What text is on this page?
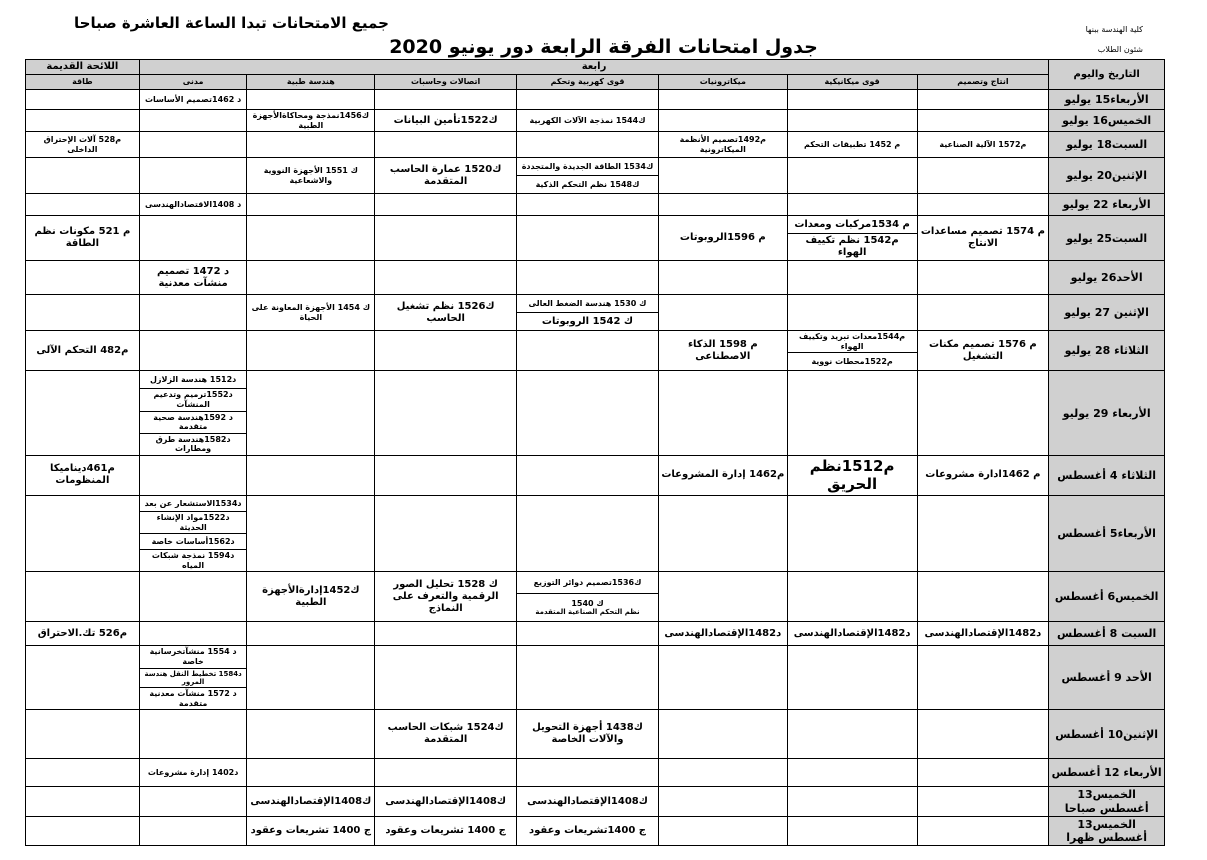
جميع الامتحانات تبدا الساعة العاشرة صباحا
جدول امتحانات الفرقة الرابعة دور يونيو 2020
كلية الهندسة ببنها
شئون الطلاب
التاريخ واليوم	رابعة							اللائحة القديمة
	انتاج وتصميم	قوى ميكانيكية	ميكاترونيات	قوى كهربية وتحكم	اتصالات وحاسبات	هندسة طبية	مدنى	طاقة
الأربعاء15 يوليو							د 1462تصميم الأساسات	
الخميس16 يوليو				ك1544 نمذجة الآلات الكهربية	ك1522تأمين البيانات	ك1456نمذجة ومحاكاةالأجهزة الطبية		
السبت18 يوليو	م1572 الآلية الصناعية	م 1452 تطبيقات التحكم	م1492تصميم الأنظمة الميكاترونية					م528 آلات الإحتراق الداخلى
الإثنين20 يوليو				ك1534 الطاقة الجديدة والمتجددة	ك1520 عمارة الحاسب المتقدمة	ك 1551 الأجهزة النووية والاشعاعية		
				ك1548 نظم التحكم الذكية				
الأربعاء 22 يوليو							د 1408الاقتصادالهندسى	
السبت25 يوليو	م 1574 تصميم مساعدات الانتاج	م 1534مركبات ومعدات	م 1596الروبوتات					م 521 مكونات نظم الطاقة
		م1542 نظم تكييف الهواء						
الأحد26 يوليو							د 1472 تصميم منشآت معدنية	
الإثنين 27 يوليو				ك 1530 هندسة الضغط العالى	ك1526 نظم تشغيل الحاسب	ك 1454 الأجهزة المعاونة على الحياة		
				ك 1542 الروبوتات				
الثلاثاء 28 يوليو	م 1576 تصميم مكنات التشغيل	م1544معدات تبريد وتكييف الهواء	م 1598 الذكاء الاصطناعى					م482 التحكم الآلى
		م1522محطات نووية						
الأربعاء 29 يوليو							د1512 هندسة الزلازل	
							د1552ترميم وتدعيم المنشآت	
							د 1592هندسة صحية متقدمة	
							د1582هندسة طرق ومطارات	
الثلاثاء 4 أغسطس	م 1462ادارة مشروعات	م1512نظم الحريق	م1462 إدارة المشروعات					م461ديناميكا المنظومات
الأربعاء5 أغسطس							د1534الاستشعار عن بعد	
							د1522مواد الإنشاء الحديثة	
							د1562أساسات خاصة	
							د1594 نمذجة شبكات المياه	
الخميس6 أغسطس				ك1536تصميم دوائر التوزيع	ك 1528 تحليل الصور الرقمية والتعرف على النماذج	ك1452إدارةالأجهزة الطبية		

				ك 1540
نظم التحكم الصناعية المتقدمة				

السبت 8 أغسطس	د1482الإقتصادالهندسى	د1482الإقتصادالهندسى	د1482الإقتصادالهندسى					م526 تك.الاحتراق
الأحد 9 أغسطس							د 1554 منشآتخرسانية خاصة	
							د1584 تخطيط النقل هندسة المرور	
							د 1572 منشآت معدنية متقدمة	
الإثنين10 أغسطس				ك1438 أجهزة التحويل والآلات الخاصة	ك1524 شبكات الحاسب المتقدمة			
الأربعاء 12 أغسطس							د1402 إدارة مشروعات	
الخميس13 أغسطس صباحا				ك1408الإقتصادالهندسى	ك1408الإقتصادالهندسى	ك1408الإقتصادالهندسى		
الخميس13 أغسطس ظهرا				ج 1400تشريعات وعقود	ج 1400 تشريعات وعقود	ج 1400 تشريعات وعقود		
